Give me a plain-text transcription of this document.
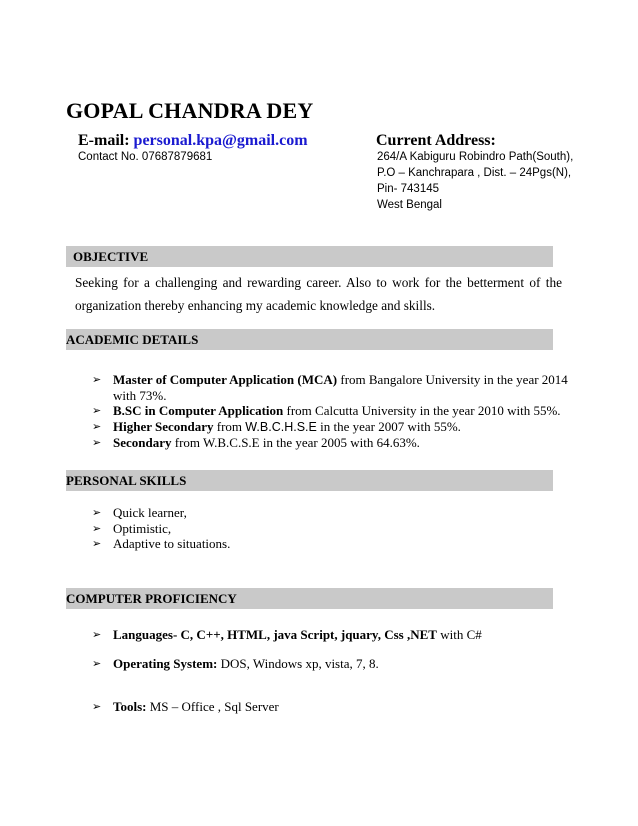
GOPAL CHANDRA DEY
E-mail: personal.kpa@gmail.com
Contact No. 07687879681
Current Address:
264/A Kabiguru Robindro Path(South),
P.O – Kanchrapara , Dist. – 24Pgs(N),
Pin- 743145
West Bengal
OBJECTIVE
Seeking for a challenging and rewarding career. Also to work for the betterment of the
organization thereby enhancing my academic knowledge and skills.
ACADEMIC DETAILS
➢ Master of Computer Application (MCA) from Bangalore University in the year 2014
with 73%.
➢ B.SC in Computer Application from Calcutta University in the year 2010 with 55%.
➢ Higher Secondary from W.B.C.H.S.E in the year 2007 with 55%.
➢ Secondary from W.B.C.S.E in the year 2005 with 64.63%.
PERSONAL SKILLS
➢ Quick learner,
➢ Optimistic,
➢ Adaptive to situations.
COMPUTER PROFICIENCY
➢ Languages- C, C++, HTML, java Script, jquary, Css ,NET with C#
➢ Operating System: DOS, Windows xp, vista, 7, 8.
➢ Tools: MS – Office , Sql Server
